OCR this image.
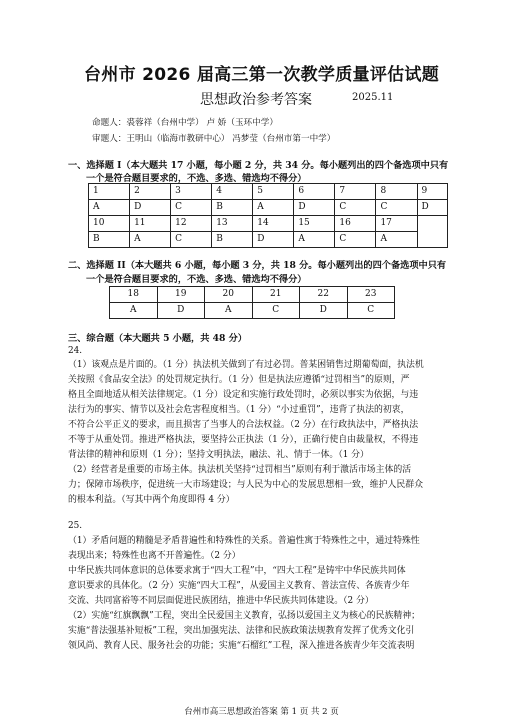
台州市 2026 届高三第一次教学质量评估试题
思想政治参考答案	2025.11
命题人：裘蓉祥（台州中学） 卢 娇（玉环中学）
审题人：王明山（临海市教研中心） 冯梦莹（台州市第一中学）
一、选择题 I（本大题共 17 小题，每小题 2 分，共 34 分。每小题列出的四个备选项中只有
一个是符合题目要求的，不选、多选、错选均不得分）
1	2	3	4	5	6	7	8	9
A	D	C	B	A	D	C	C	D
10	11	12	13	14	15	16	17	
B	A	C	B	D	A	C	A	
二、选择题 II（本大题共 6 小题，每小题 3 分，共 18 分。每小题列出的四个备选项中只有
一个是符合题目要求的，不选、多选、错选均不得分）
18	19	20	21	22	23
A	D	A	C	D	C
三、综合题（本大题共 5 小题，共 48 分）
24.
（1）该观点是片面的。（1 分）执法机关做到了有过必罚。普某困销售过期葡萄面，执法机
关按照《食品安全法》的处罚规定执行。（1 分）但是执法应遵循“过罚相当”的原则，严
格且全面地适从相关法律规定。（1 分）设定和实施行政处罚时，必须以事实为依据，与违
法行为的事实、情节以及社会危害程度相当。（1 分）“小过重罚”，违背了执法的初衷，
不符合公平正义的要求，而且损害了当事人的合法权益。（2 分）在行政执法中，严格执法
不等于从重处罚。推进严格执法，要坚持公正执法（1 分），正确行使自由裁量权，不得违
背法律的精神和原则（1 分）；坚持文明执法，融法、礼、情于一体。（1 分）
（2）经营者是重要的市场主体。执法机关坚持“过罚相当”原则有利于激活市场主体的活
力；保障市场秩序，促进统一大市场建设；与人民为中心的发展思想相一致，维护人民群众
的根本利益。（写其中两个角度即得 4 分）
25.
（1）矛盾问题的精髓是矛盾普遍性和特殊性的关系。普遍性寓于特殊性之中，通过特殊性
表现出来；特殊性也离不开普遍性。（2 分）
中华民族共同体意识的总体要求寓于“四大工程”中，“四大工程”是铸牢中华民族共同体
意识要求的具体化。（2 分）实施“四大工程”，从爱国主义教育、普法宣传、各族青少年
交流、共同富裕等不同层面促进民族团结，推进中华民族共同体建设。（2 分）
（2）实施“红旗飘飘”工程，突出全民爱国主义教育，弘扬以爱国主义为核心的民族精神；
实施“普法强基补短板”工程，突出加强宪法、法律和民族政策法规教育发挥了优秀文化引
领风尚、教育人民、服务社会的功能；实施“石榴红”工程，深入推进各族青少年交流表明
台州市高三思想政治答案 第 1 页 共 2 页
